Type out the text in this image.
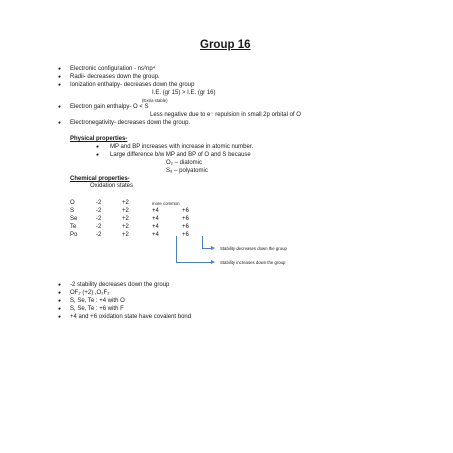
Group 16
● Electronic configuration - ns²np⁴
● Radii- decreases down the group.
● Ionization enthalpy- decreases down the group
I.E. (gr 15) > I.E. (gr 16)
(Extra stable)
● Electron gain enthalpy- O < S
Less negative due to e⁻ repulsion in small 2p orbital of O
● Electronegativity- decreases down the group.
Physical properties-
● MP and BP increases with increase in atomic number.
● Large difference b/w MP and BP of O and S because
O₂ – diatomic
S₈ – polyatomic
Chemical properties-
Oxidation states
more common
O	-2	+2
S	-2	+2	+4	+6
Se	-2	+2	+4	+6
Te	-2	+2	+4	+6
Po	-2	+2	+4	+6
Stability decreases down the group
Stability increases down the group
● -2 stability decreases down the group
● OF₂ (+2) ,O₂F₂
● S, Se, Te : +4 with O
● S, Se, Te : +6 with F
● +4 and +6 oxidation state have covalent bond
